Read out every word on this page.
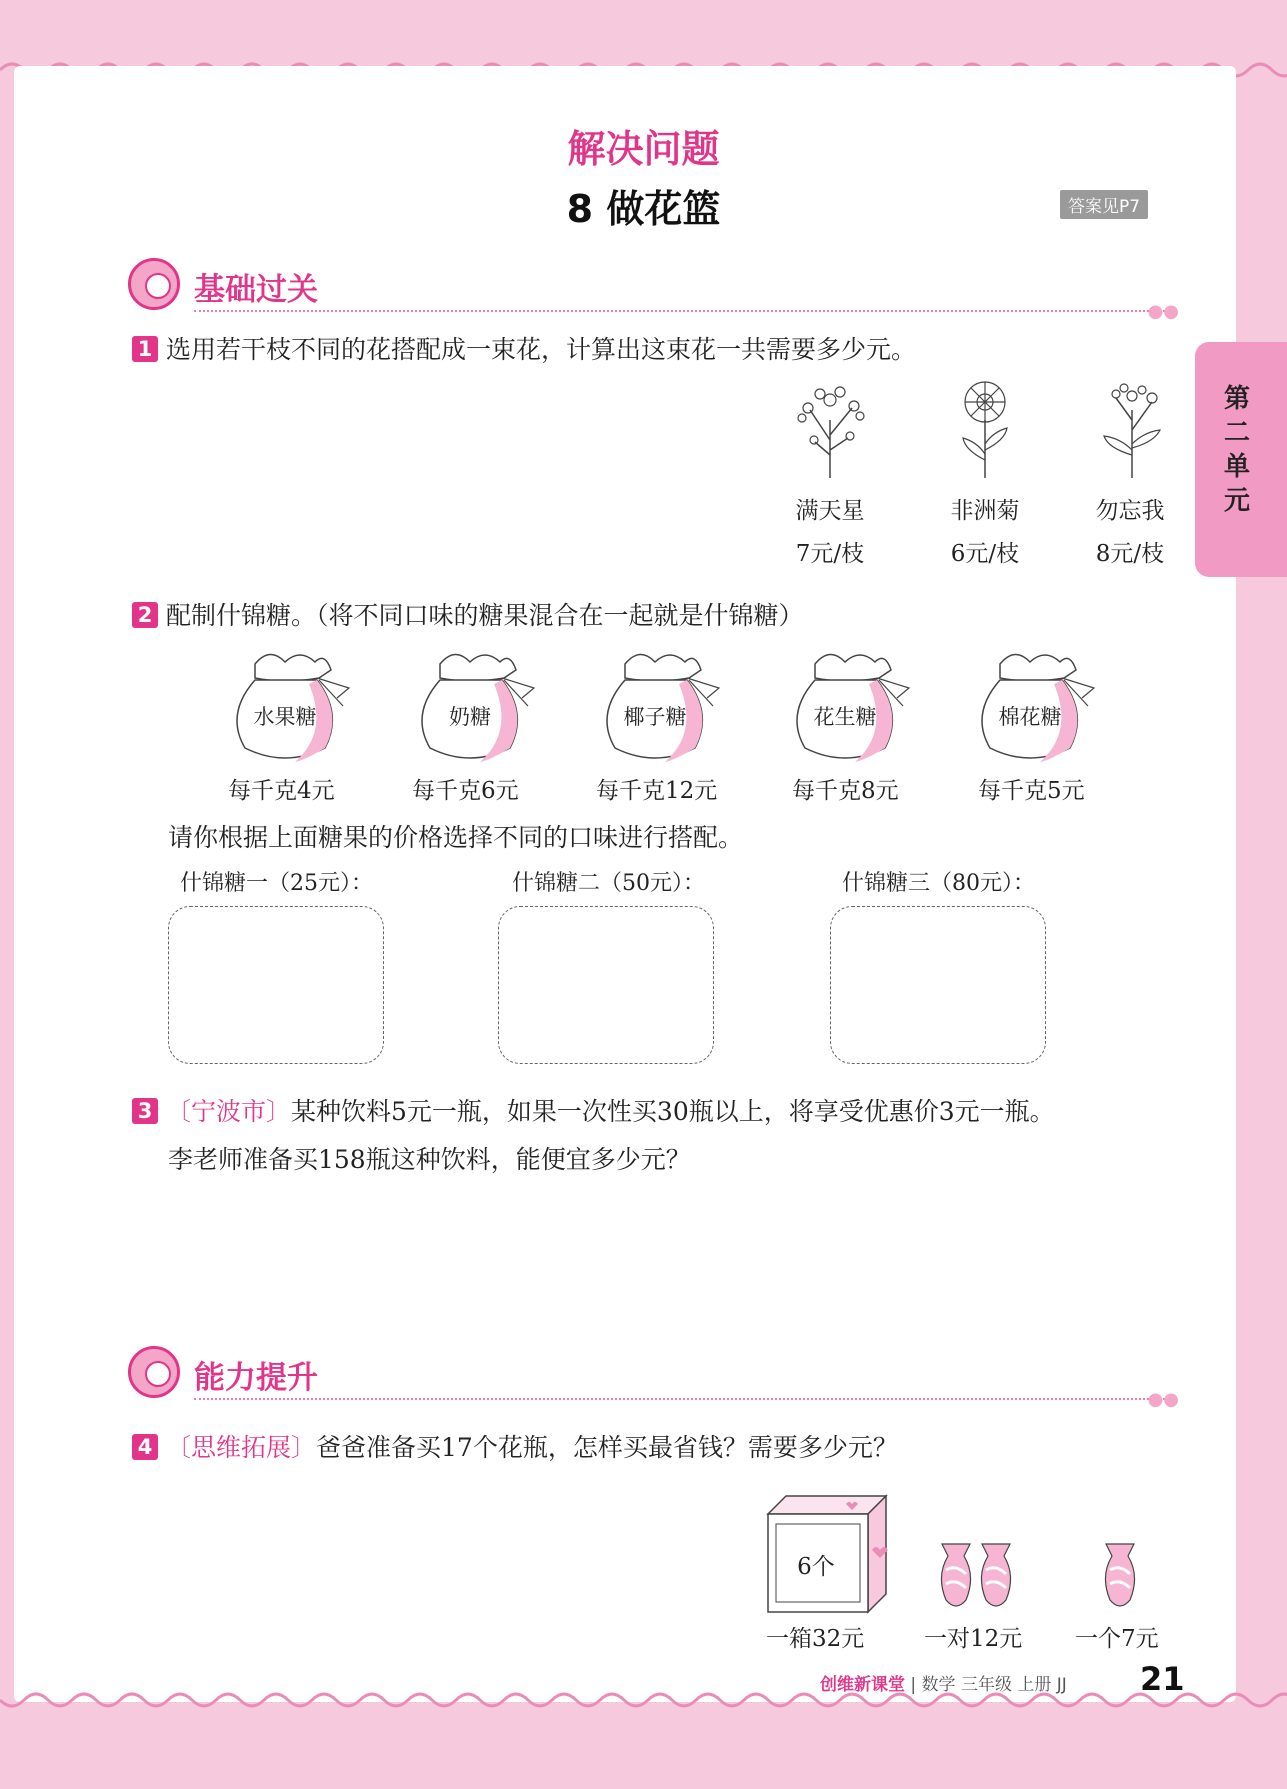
解决问题
8 做花篮	答案见P7
第二单元
基础过关
●●
1 选用若干枝不同的花搭配成一束花，计算出这束花一共需要多少元。
满天星
7元/枝
非洲菊
6元/枝
勿忘我
8元/枝
2 配制什锦糖。（将不同口味的糖果混合在一起就是什锦糖）
水果糖	奶糖	椰子糖	花生糖	棉花糖
每千克4元	每千克6元	每千克12元	每千克8元	每千克5元
请你根据上面糖果的价格选择不同的口味进行搭配。
什锦糖一（25元）：	什锦糖二（50元）：	什锦糖三（80元）：
3 〔宁波市〕某种饮料5元一瓶，如果一次性买30瓶以上，将享受优惠价3元一瓶。
李老师准备买158瓶这种饮料，能便宜多少元？
能力提升
●●
4 〔思维拓展〕爸爸准备买17个花瓶，怎样买最省钱？需要多少元？
6个
一箱32元	一对12元 一个7元
创维新课堂 | 数学 三年级 上册 JJ 21
